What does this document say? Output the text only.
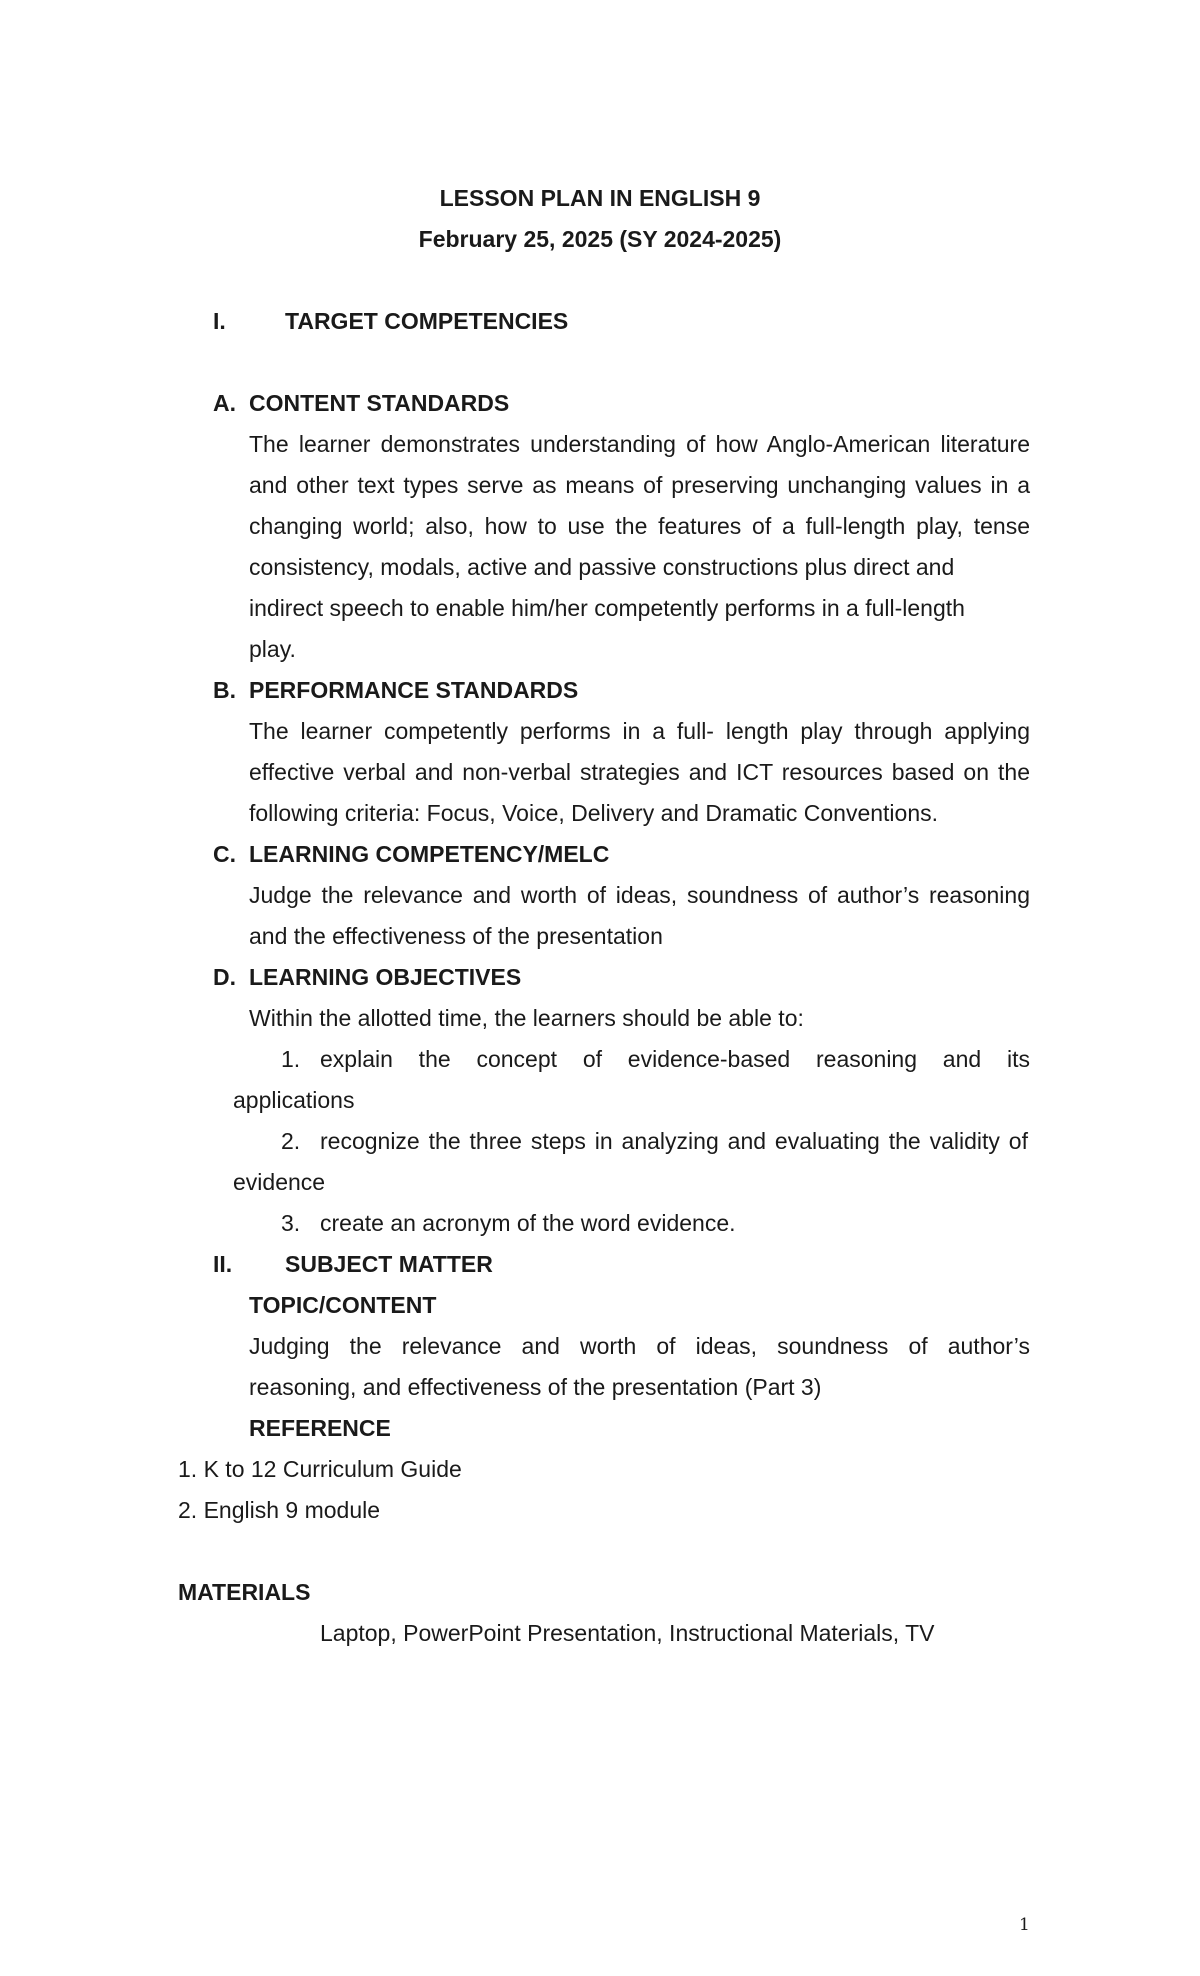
LESSON PLAN IN ENGLISH 9
February 25, 2025 (SY 2024-2025)
I.	TARGET COMPETENCIES
A. CONTENT STANDARDS
The learner demonstrates understanding of how Anglo-American literature
and other text types serve as means of preserving unchanging values in a
changing world; also, how to use the features of a full-length play, tense
consistency, modals, active and passive constructions plus direct and
indirect speech to enable him/her competently performs in a full-length
play.
B. PERFORMANCE STANDARDS
The learner competently performs in a full- length play through applying
effective verbal and non-verbal strategies and ICT resources based on the
following criteria: Focus, Voice, Delivery and Dramatic Conventions.
C. LEARNING COMPETENCY/MELC
Judge the relevance and worth of ideas, soundness of author’s reasoning
and the effectiveness of the presentation
D. LEARNING OBJECTIVES
Within the allotted time, the learners should be able to:
1. explain the concept of evidence-based reasoning and its
applications
2. recognize the three steps in analyzing and evaluating the validity of
evidence
3. create an acronym of the word evidence.
II. SUBJECT MATTER
TOPIC/CONTENT
Judging the relevance and worth of ideas, soundness of author’s
reasoning, and effectiveness of the presentation (Part 3)
REFERENCE
1. K to 12 Curriculum Guide
2. English 9 module
MATERIALS
Laptop, PowerPoint Presentation, Instructional Materials, TV
1
